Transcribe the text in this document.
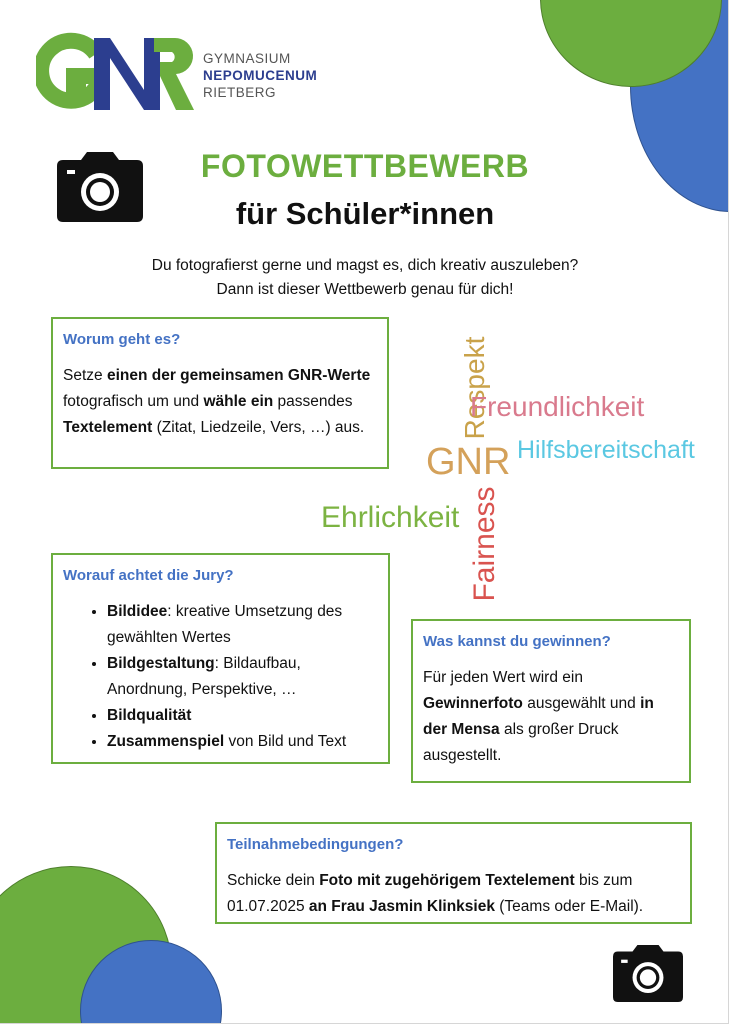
GNR
GYMNASIUM
NEPOMUCENUM
RIETBERG
FOTOWETTBEWERB
für Schüler*innen
Du fotografierst gerne und magst es, dich kreativ auszuleben?
Dann ist dieser Wettbewerb genau für dich!
Worum geht es?

Setze einen der gemeinsamen GNR-Werte fotografisch um und wähle ein passendes Textelement (Zitat, Liedzeile, Vers, …) aus.

Worauf achtet die Jury?
• Bildidee: kreative Umsetzung des gewählten Wertes
• Bildgestaltung: Bildaufbau, Anordnung, Perspektive, …
• Bildqualität
• Zusammenspiel von Bild und Text
Was kannst du gewinnen?

Für jeden Wert wird ein Gewinnerfoto ausgewählt und in der Mensa als großer Druck ausgestellt.

Teilnahmebedingungen?

Schicke dein Foto mit zugehörigem Textelement bis zum 01.07.2025 an Frau Jasmin Klinksiek (Teams oder E-Mail).

Respekt
Freundlichkeit
GNR Hilfsbereitschaft
Ehrlichkeit Fairness
